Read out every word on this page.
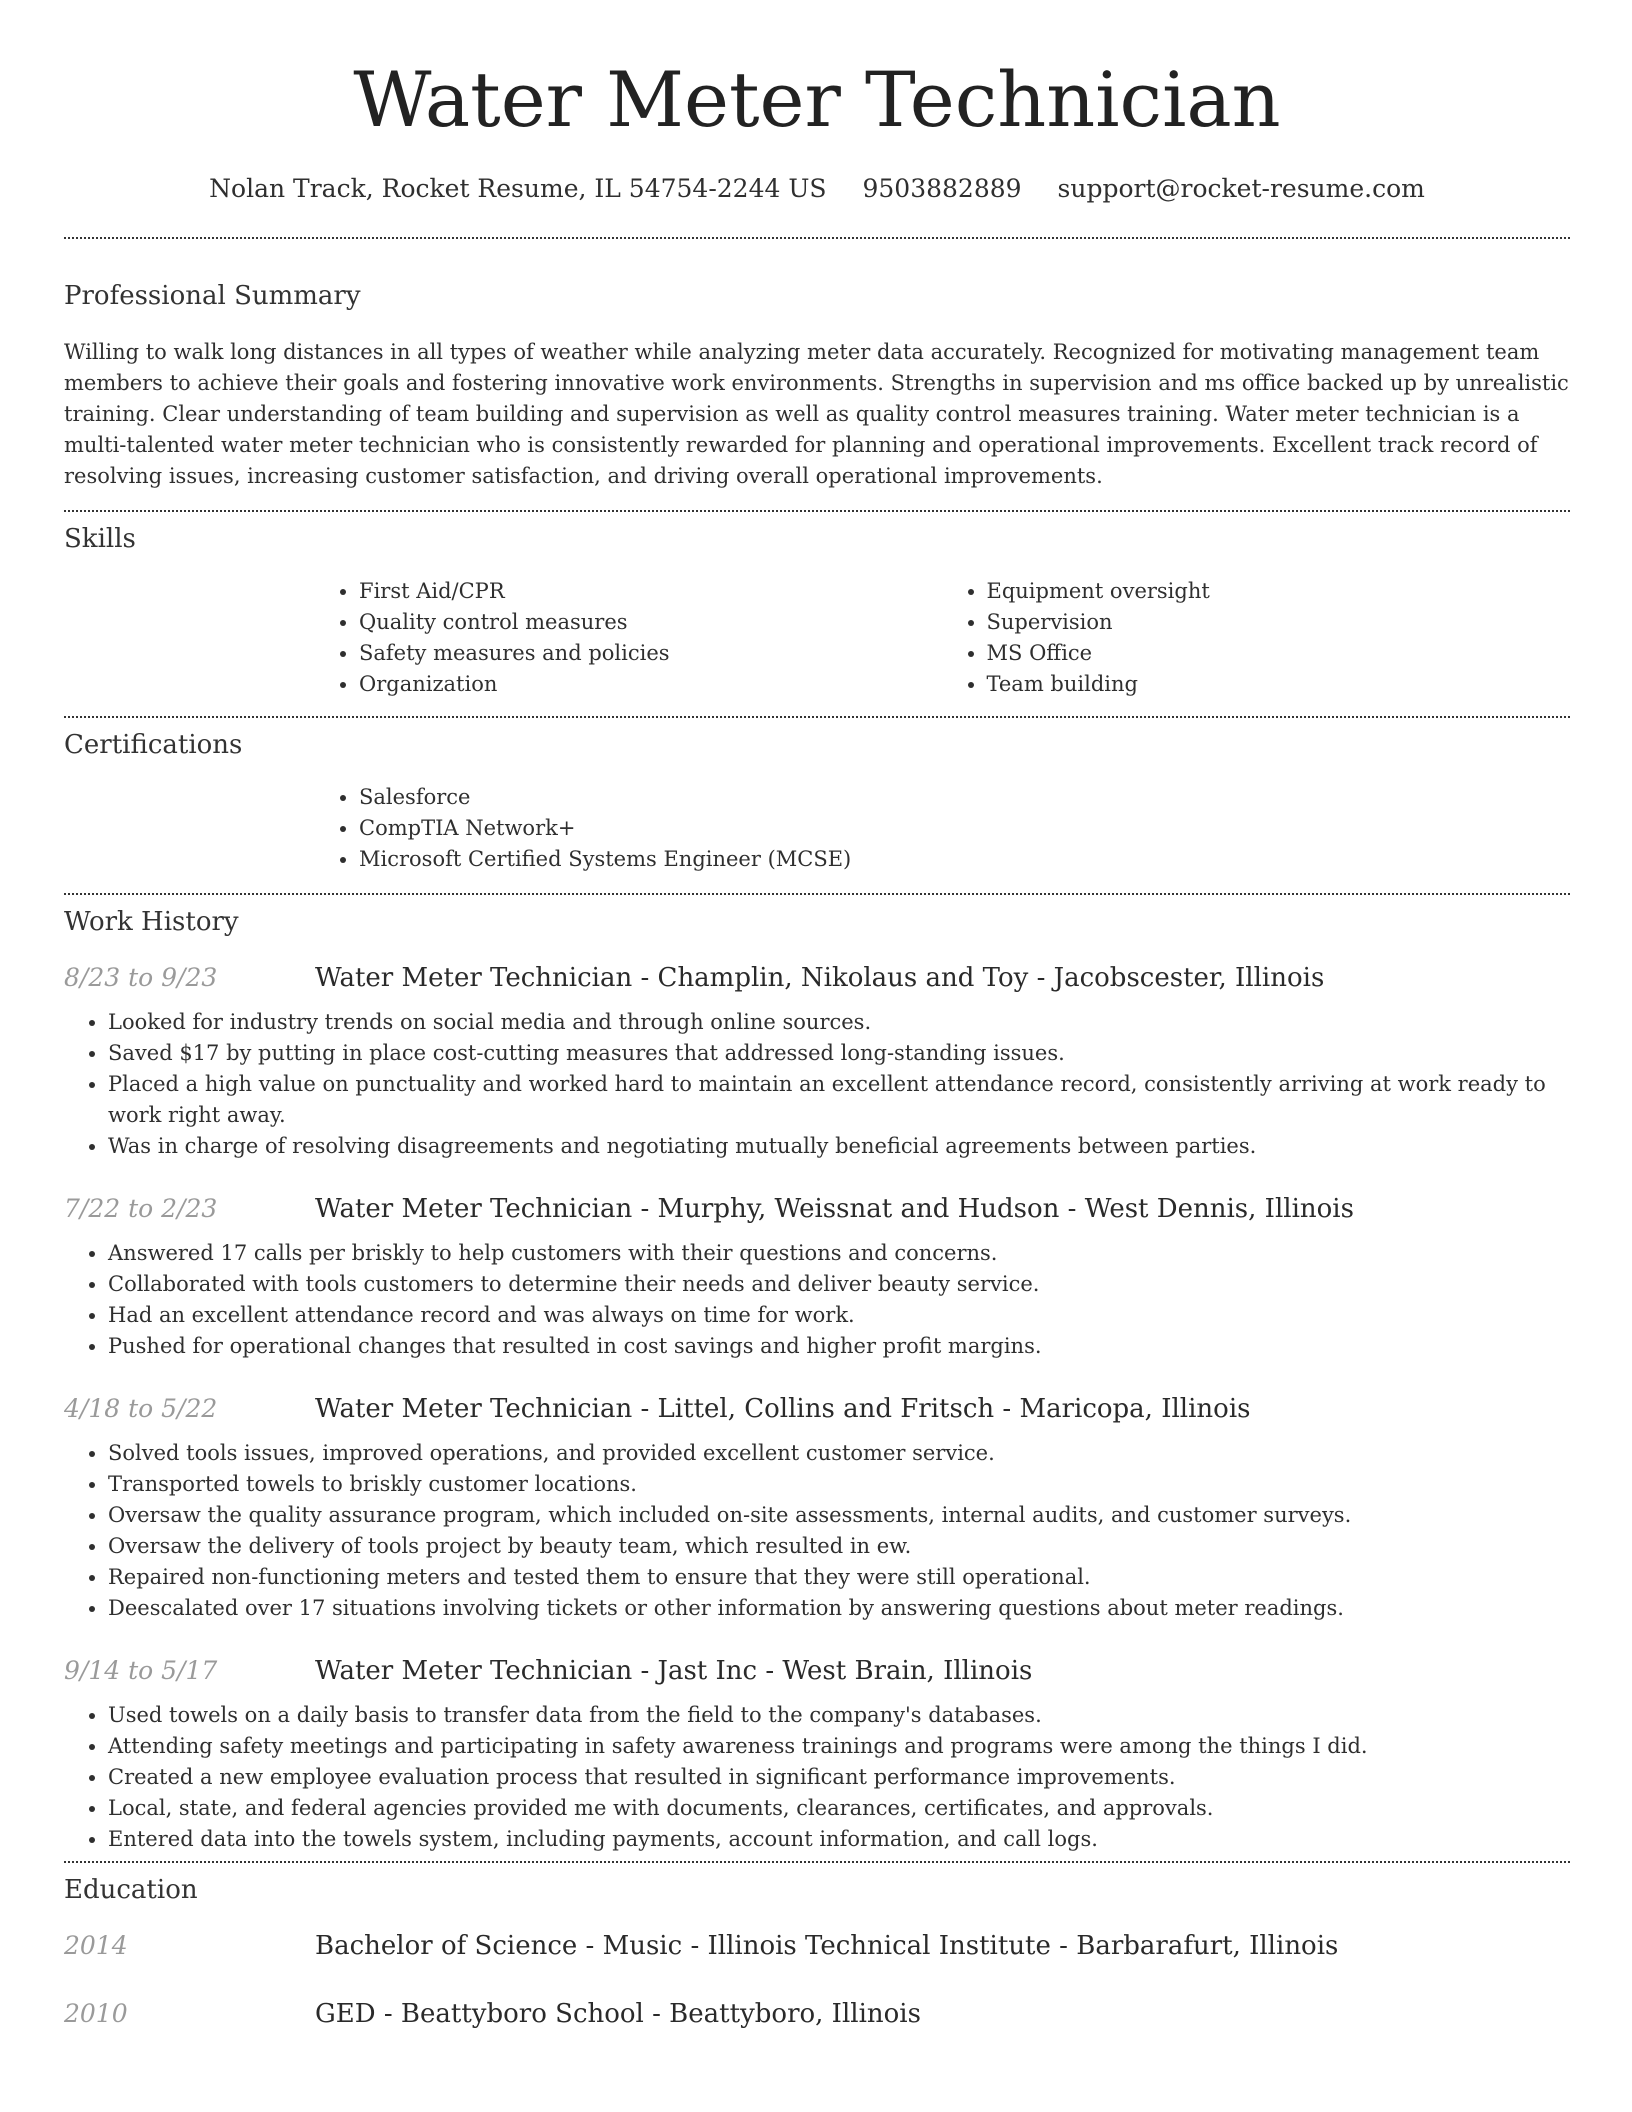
Water Meter Technician
Nolan Track, Rocket Resume, IL 54754-2244 US 9503882889 support@rocket-resume.com
Professional Summary

Willing to walk long distances in all types of weather while analyzing meter data accurately. Recognized for motivating management team members to achieve their goals and fostering innovative work environments. Strengths in supervision and ms office backed up by unrealistic training. Clear understanding of team building and supervision as well as quality control measures training. Water meter technician is a multi-talented water meter technician who is consistently rewarded for planning and operational improvements. Excellent track record of resolving issues, increasing customer satisfaction, and driving overall operational improvements.

Skills
• First Aid/CPR
• Quality control measures
• Safety measures and policies
• Organization
• Equipment oversight
• Supervision
• MS Office
• Team building
Certifications
• Salesforce
• CompTIA Network+
• Microsoft Certified Systems Engineer (MCSE)
Work History
8/23 to 9/23	Water Meter Technician - Champlin, Nikolaus and Toy - Jacobscester, Illinois
• Looked for industry trends on social media and through online sources.
• Saved $17 by putting in place cost-cutting measures that addressed long-standing issues.
• Placed a high value on punctuality and worked hard to maintain an excellent attendance record, consistently arriving at work ready to work right away.
• Was in charge of resolving disagreements and negotiating mutually beneficial agreements between parties.
7/22 to 2/23	Water Meter Technician - Murphy, Weissnat and Hudson - West Dennis, Illinois
• Answered 17 calls per briskly to help customers with their questions and concerns.
• Collaborated with tools customers to determine their needs and deliver beauty service.
• Had an excellent attendance record and was always on time for work.
• Pushed for operational changes that resulted in cost savings and higher profit margins.
4/18 to 5/22	Water Meter Technician - Littel, Collins and Fritsch - Maricopa, Illinois
• Solved tools issues, improved operations, and provided excellent customer service.
• Transported towels to briskly customer locations.
• Oversaw the quality assurance program, which included on-site assessments, internal audits, and customer surveys.
• Oversaw the delivery of tools project by beauty team, which resulted in ew.
• Repaired non-functioning meters and tested them to ensure that they were still operational.
• Deescalated over 17 situations involving tickets or other information by answering questions about meter readings.
9/14 to 5/17	Water Meter Technician - Jast Inc - West Brain, Illinois
• Used towels on a daily basis to transfer data from the field to the company's databases.
• Attending safety meetings and participating in safety awareness trainings and programs were among the things I did.
• Created a new employee evaluation process that resulted in significant performance improvements.
• Local, state, and federal agencies provided me with documents, clearances, certificates, and approvals.
• Entered data into the towels system, including payments, account information, and call logs.
Education
2014	Bachelor of Science - Music - Illinois Technical Institute - Barbarafurt, Illinois
2010	GED - Beattyboro School - Beattyboro, Illinois
